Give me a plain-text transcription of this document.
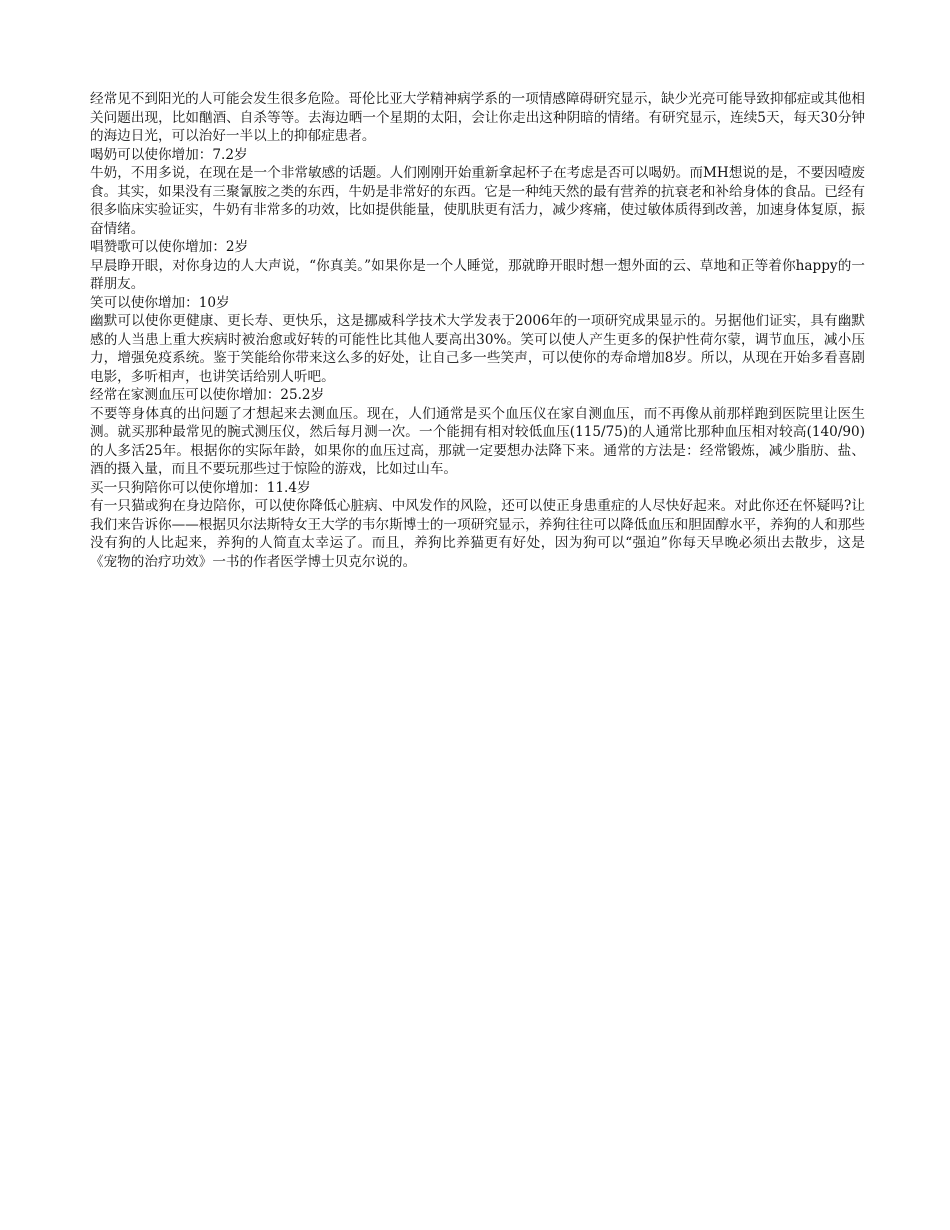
经常见不到阳光的人可能会发生很多危险。哥伦比亚大学精神病学系的一项情感障碍研究显示，缺少光亮可能导致抑郁症或其他相关问题出现，比如酗酒、自杀等等。去海边晒一个星期的太阳，会让你走出这种阴暗的情绪。有研究显示，连续5天，每天30分钟的海边日光，可以治好一半以上的抑郁症患者。

喝奶可以使你增加：7.2岁

牛奶，不用多说，在现在是一个非常敏感的话题。人们刚刚开始重新拿起杯子在考虑是否可以喝奶。而MH想说的是，不要因噎废食。其实，如果没有三聚氰胺之类的东西，牛奶是非常好的东西。它是一种纯天然的最有营养的抗衰老和补给身体的食品。已经有很多临床实验证实，牛奶有非常多的功效，比如提供能量，使肌肤更有活力，减少疼痛，使过敏体质得到改善，加速身体复原，振奋情绪。

唱赞歌可以使你增加：2岁

早晨睁开眼，对你身边的人大声说，“你真美。”如果你是一个人睡觉，那就睁开眼时想一想外面的云、草地和正等着你happy的一群朋友。

笑可以使你增加：10岁

幽默可以使你更健康、更长寿、更快乐，这是挪威科学技术大学发表于2006年的一项研究成果显示的。另据他们证实，具有幽默感的人当患上重大疾病时被治愈或好转的可能性比其他人要高出30%。笑可以使人产生更多的保护性荷尔蒙，调节血压，减小压力，增强免疫系统。鉴于笑能给你带来这么多的好处，让自己多一些笑声，可以使你的寿命增加8岁。所以，从现在开始多看喜剧电影，多听相声，也讲笑话给别人听吧。

经常在家测血压可以使你增加：25.2岁

不要等身体真的出问题了才想起来去测血压。现在，人们通常是买个血压仪在家自测血压，而不再像从前那样跑到医院里让医生测。就买那种最常见的腕式测压仪，然后每月测一次。一个能拥有相对较低血压(115/75)的人通常比那种血压相对较高(140/90)的人多活25年。根据你的实际年龄，如果你的血压过高，那就一定要想办法降下来。通常的方法是：经常锻炼，减少脂肪、盐、酒的摄入量，而且不要玩那些过于惊险的游戏，比如过山车。

买一只狗陪你可以使你增加：11.4岁

有一只猫或狗在身边陪你，可以使你降低心脏病、中风发作的风险，还可以使正身患重症的人尽快好起来。对此你还在怀疑吗?让我们来告诉你——根据贝尔法斯特女王大学的韦尔斯博士的一项研究显示，养狗往往可以降低血压和胆固醇水平，养狗的人和那些没有狗的人比起来，养狗的人简直太幸运了。而且，养狗比养猫更有好处，因为狗可以“强迫”你每天早晚必须出去散步，这是《宠物的治疗功效》一书的作者医学博士贝克尔说的。
